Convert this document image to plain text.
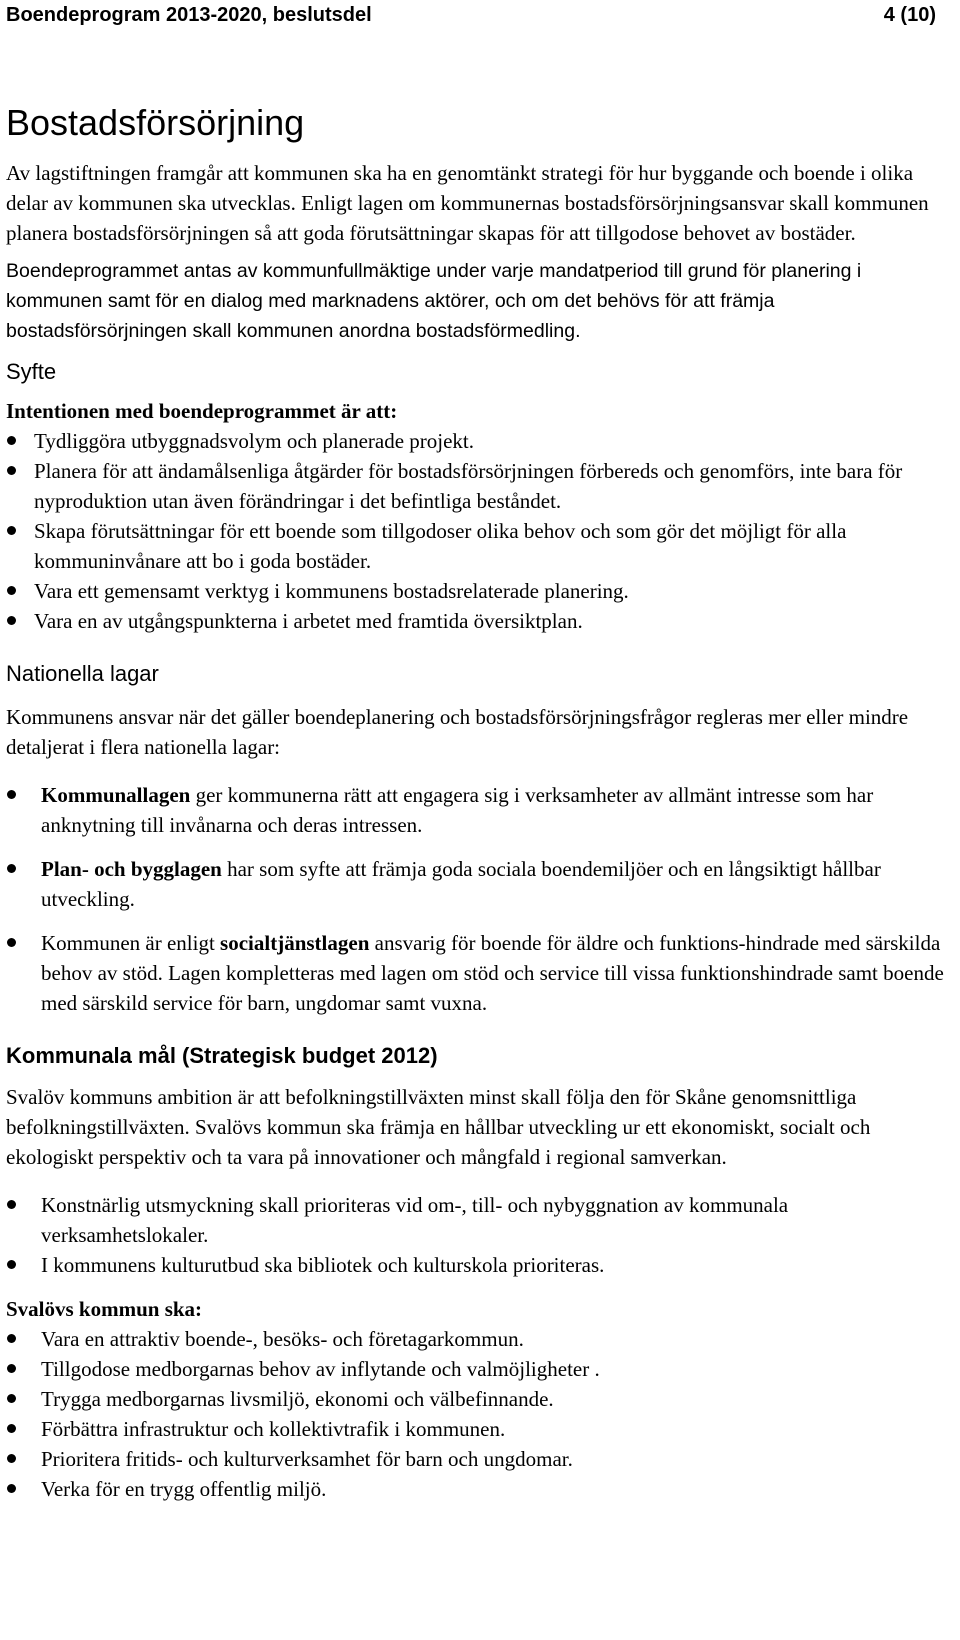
Boendeprogram 2013-2020, beslutsdel	4 (10)
Bostadsförsörjning

Av lagstiftningen framgår att kommunen ska ha en genomtänkt strategi för hur byggande och boende i olika delar av kommunen ska utvecklas. Enligt lagen om kommunernas bostadsförsörjningsansvar skall kommunen planera bostadsförsörjningen så att goda förutsättningar skapas för att tillgodose behovet av bostäder.

Boendeprogrammet antas av kommunfullmäktige under varje mandatperiod till grund för planering i kommunen samt för en dialog med marknadens aktörer, och om det behövs för att främja bostadsförsörjningen skall kommunen anordna bostadsförmedling.

Syfte

Intentionen med boendeprogrammet är att:

Tydliggöra utbyggnadsvolym och planerade projekt.
Planera för att ändamålsenliga åtgärder för bostadsförsörjningen förbereds och genomförs, inte bara för nyproduktion utan även förändringar i det befintliga beståndet.
Skapa förutsättningar för ett boende som tillgodoser olika behov och som gör det möjligt för alla kommuninvånare att bo i goda bostäder.
Vara ett gemensamt verktyg i kommunens bostadsrelaterade planering.
Vara en av utgångspunkterna i arbetet med framtida översiktplan.
Nationella lagar

Kommunens ansvar när det gäller boendeplanering och bostadsförsörjningsfrågor regleras mer eller mindre detaljerat i flera nationella lagar:

Kommunallagen ger kommunerna rätt att engagera sig i verksamheter av allmänt intresse som har anknytning till invånarna och deras intressen.
Plan- och bygglagen har som syfte att främja goda sociala boendemiljöer och en långsiktigt hållbar utveckling.
Kommunen är enligt socialtjänstlagen ansvarig för boende för äldre och funktions-hindrade med särskilda behov av stöd. Lagen kompletteras med lagen om stöd och service till vissa funktionshindrade samt boende med särskild service för barn, ungdomar samt vuxna.
Kommunala mål (Strategisk budget 2012)

Svalöv kommuns ambition är att befolkningstillväxten minst skall följa den för Skåne genomsnittliga befolkningstillväxten. Svalövs kommun ska främja en hållbar utveckling ur ett ekonomiskt, socialt och ekologiskt perspektiv och ta vara på innovationer och mångfald i regional samverkan.

Konstnärlig utsmyckning skall prioriteras vid om-, till- och nybyggnation av kommunala verksamhetslokaler.
I kommunens kulturutbud ska bibliotek och kulturskola prioriteras.

Svalövs kommun ska:

Vara en attraktiv boende-, besöks- och företagarkommun.
Tillgodose medborgarnas behov av inflytande och valmöjligheter .
Trygga medborgarnas livsmiljö, ekonomi och välbefinnande.
Förbättra infrastruktur och kollektivtrafik i kommunen.
Prioritera fritids- och kulturverksamhet för barn och ungdomar.
Verka för en trygg offentlig miljö.
